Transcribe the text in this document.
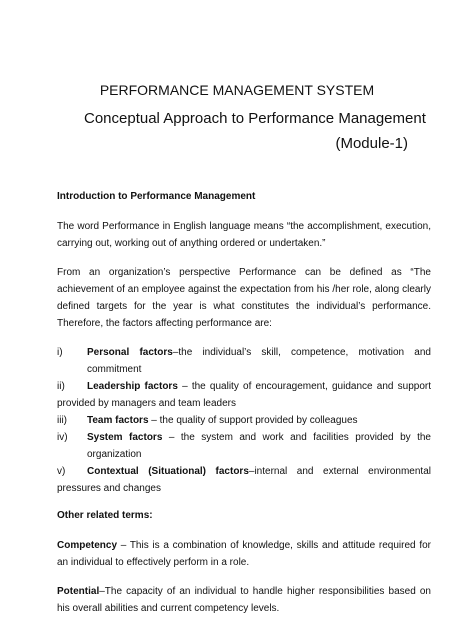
PERFORMANCE MANAGEMENT SYSTEM
Conceptual Approach to Performance Management
(Module-1)

Introduction to Performance Management

The word Performance in English language means “the accomplishment, execution, carrying out, working out of anything ordered or undertaken.”

From an organization’s perspective Performance can be defined as “The achievement of an employee against the expectation from his /her role, along clearly defined targets for the year is what constitutes the individual’s performance. Therefore, the factors affecting performance are:

i) Personal factors–the individual’s skill, competence, motivation and commitment

ii) Leadership factors – the quality of encouragement, guidance and support provided by managers and team leaders

iii) Team factors – the quality of support provided by colleagues

iv) System factors – the system and work and facilities provided by the organization

v) Contextual (Situational) factors–internal and external environmental pressures and changes

Other related terms:

Competency – This is a combination of knowledge, skills and attitude required for an individual to effectively perform in a role.

Potential–The capacity of an individual to handle higher responsibilities based on his overall abilities and current competency levels.
